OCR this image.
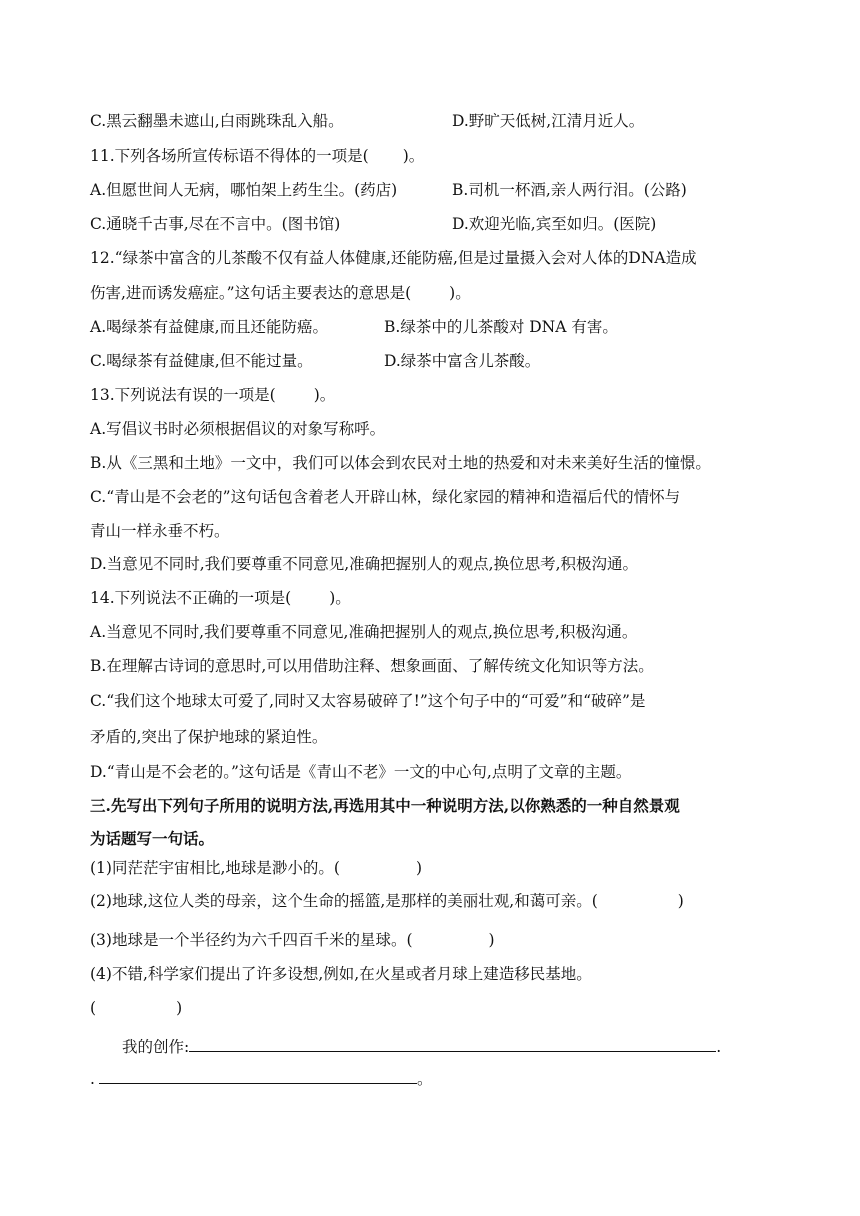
C.黑云翻墨未遮山,白雨跳珠乱入船。	D.野旷天低树,江清月近人。
11.下列各场所宣传标语不得体的一项是( )。
A.但愿世间人无病，哪怕架上药生尘。(药店)	B.司机一杯酒,亲人两行泪。(公路)
C.通晓千古事,尽在不言中。(图书馆)	D.欢迎光临,宾至如归。(医院)
12.“绿茶中富含的儿茶酸不仅有益人体健康,还能防癌,但是过量摄入会对人体的DNA造成
伤害,进而诱发癌症。”这句话主要表达的意思是( )。
A.喝绿茶有益健康,而且还能防癌。	B.绿茶中的儿茶酸对 DNA 有害。
C.喝绿茶有益健康,但不能过量。	D.绿茶中富含儿茶酸。
13.下列说法有误的一项是( )。
A.写倡议书时必须根据倡议的对象写称呼。
B.从《三黑和土地》一文中，我们可以体会到农民对土地的热爱和对未来美好生活的憧憬。
C.“青山是不会老的”这句话包含着老人开辟山林，绿化家园的精神和造福后代的情怀与
青山一样永垂不朽。
D.当意见不同时,我们要尊重不同意见,准确把握别人的观点,换位思考,积极沟通。
14.下列说法不正确的一项是( )。
A.当意见不同时,我们要尊重不同意见,准确把握别人的观点,换位思考,积极沟通。
B.在理解古诗词的意思时,可以用借助注释、想象画面、了解传统文化知识等方法。
C.“我们这个地球太可爱了,同时又太容易破碎了!”这个句子中的“可爱”和“破碎”是
矛盾的,突出了保护地球的紧迫性。
D.“青山是不会老的。”这句话是《青山不老》一文的中心句,点明了文章的主题。
三.先写出下列句子所用的说明方法,再选用其中一种说明方法,以你熟悉的一种自然景观
为话题写一句话。
(1)同茫茫宇宙相比,地球是渺小的。(	)
(2)地球,这位人类的母亲，这个生命的摇篮,是那样的美丽壮观,和蔼可亲。(	)
(3)地球是一个半径约为六千四百千米的星球。(	)
(4)不错,科学家们提出了许多设想,例如,在火星或者月球上建造移民基地。
(	)
我的创作:	.
.	。
